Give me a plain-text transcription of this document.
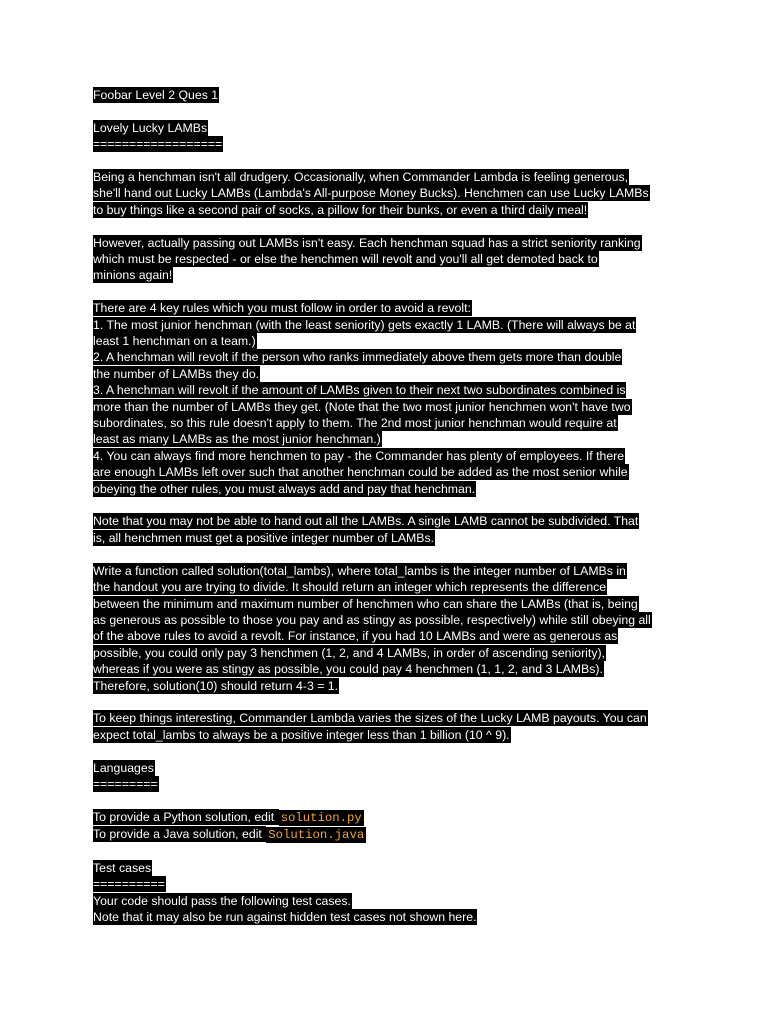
Foobar Level 2 Ques 1
Lovely Lucky LAMBs
==================
Being a henchman isn't all drudgery. Occasionally, when Commander Lambda is feeling generous,
she'll hand out Lucky LAMBs (Lambda's All-purpose Money Bucks). Henchmen can use Lucky LAMBs
to buy things like a second pair of socks, a pillow for their bunks, or even a third daily meal!
However, actually passing out LAMBs isn't easy. Each henchman squad has a strict seniority ranking
which must be respected - or else the henchmen will revolt and you'll all get demoted back to
minions again!
There are 4 key rules which you must follow in order to avoid a revolt:
1. The most junior henchman (with the least seniority) gets exactly 1 LAMB. (There will always be at
least 1 henchman on a team.)
2. A henchman will revolt if the person who ranks immediately above them gets more than double
the number of LAMBs they do.
3. A henchman will revolt if the amount of LAMBs given to their next two subordinates combined is
more than the number of LAMBs they get. (Note that the two most junior henchmen won't have two
subordinates, so this rule doesn't apply to them. The 2nd most junior henchman would require at
least as many LAMBs as the most junior henchman.)
4. You can always find more henchmen to pay - the Commander has plenty of employees. If there
are enough LAMBs left over such that another henchman could be added as the most senior while
obeying the other rules, you must always add and pay that henchman.
Note that you may not be able to hand out all the LAMBs. A single LAMB cannot be subdivided. That
is, all henchmen must get a positive integer number of LAMBs.
Write a function called solution(total_lambs), where total_lambs is the integer number of LAMBs in
the handout you are trying to divide. It should return an integer which represents the difference
between the minimum and maximum number of henchmen who can share the LAMBs (that is, being
as generous as possible to those you pay and as stingy as possible, respectively) while still obeying all
of the above rules to avoid a revolt. For instance, if you had 10 LAMBs and were as generous as
possible, you could only pay 3 henchmen (1, 2, and 4 LAMBs, in order of ascending seniority),
whereas if you were as stingy as possible, you could pay 4 henchmen (1, 1, 2, and 3 LAMBs).
Therefore, solution(10) should return 4-3 = 1.
To keep things interesting, Commander Lambda varies the sizes of the Lucky LAMB payouts. You can
expect total_lambs to always be a positive integer less than 1 billion (10 ^ 9).
Languages
=========
To provide a Python solution, edit solution.py
To provide a Java solution, edit Solution.java
Test cases
==========
Your code should pass the following test cases.
Note that it may also be run against hidden test cases not shown here.
